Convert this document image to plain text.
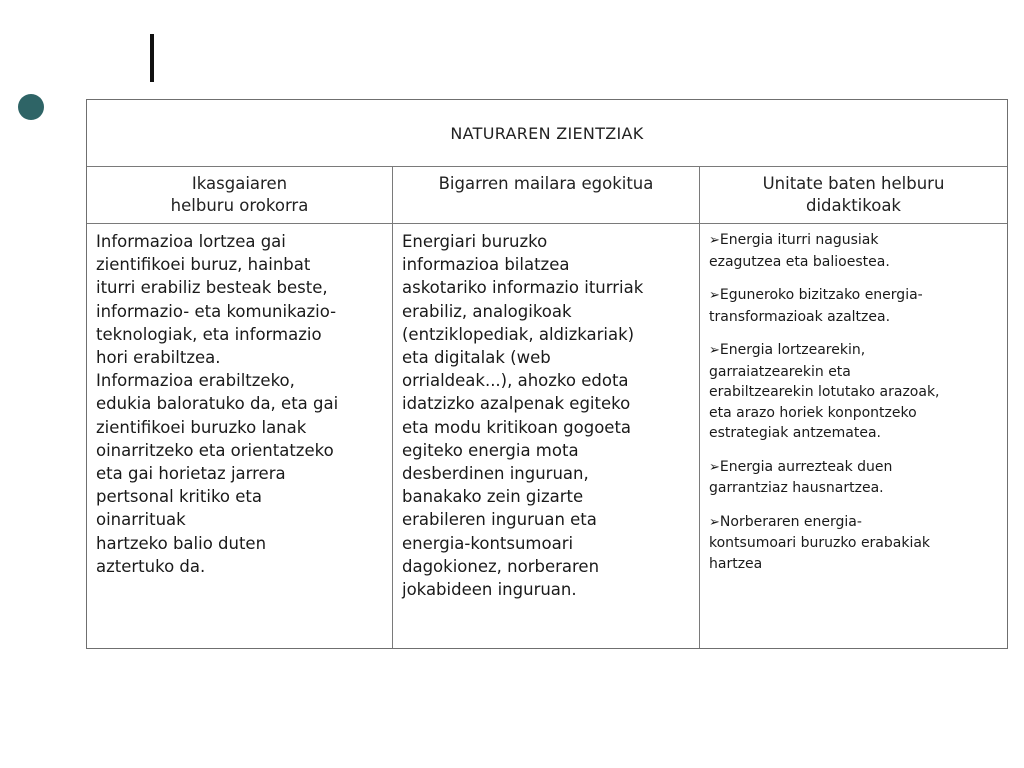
NATURAREN ZIENTZIAK
Ikasgaiaren
helburu orokorra
Bigarren mailara egokitua	Unitate baten helburu
didaktikoak
Informazioa lortzea gai
zientifikoei buruz, hainbat
iturri erabiliz besteak beste,
informazio- eta komunikazio-
teknologiak, eta informazio
hori erabiltzea.
Informazioa erabiltzeko,
edukia baloratuko da, eta gai
zientifikoei buruzko lanak
oinarritzeko eta orientatzeko
eta gai horietaz jarrera
pertsonal kritiko eta
oinarrituak
hartzeko balio duten
aztertuko da.
Energiari buruzko
informazioa bilatzea
askotariko informazio iturriak
erabiliz, analogikoak
(entziklopediak, aldizkariak)
eta digitalak (web
orrialdeak...), ahozko edota
idatzizko azalpenak egiteko
eta modu kritikoan gogoeta
egiteko energia mota
desberdinen inguruan,
banakako zein gizarte
erabileren inguruan eta
energia-kontsumoari
dagokionez, norberaren
jokabideen inguruan.
➢Energia iturri nagusiak
ezagutzea eta balioestea.
➢Eguneroko bizitzako energia-
transformazioak azaltzea.
➢Energia lortzearekin,
garraiatzearekin eta
erabiltzearekin lotutako arazoak,
eta arazo horiek konpontzeko
estrategiak antzematea.
➢Energia aurrezteak duen
garrantziaz hausnartzea.
➢Norberaren energia-
kontsumoari buruzko erabakiak
hartzea
